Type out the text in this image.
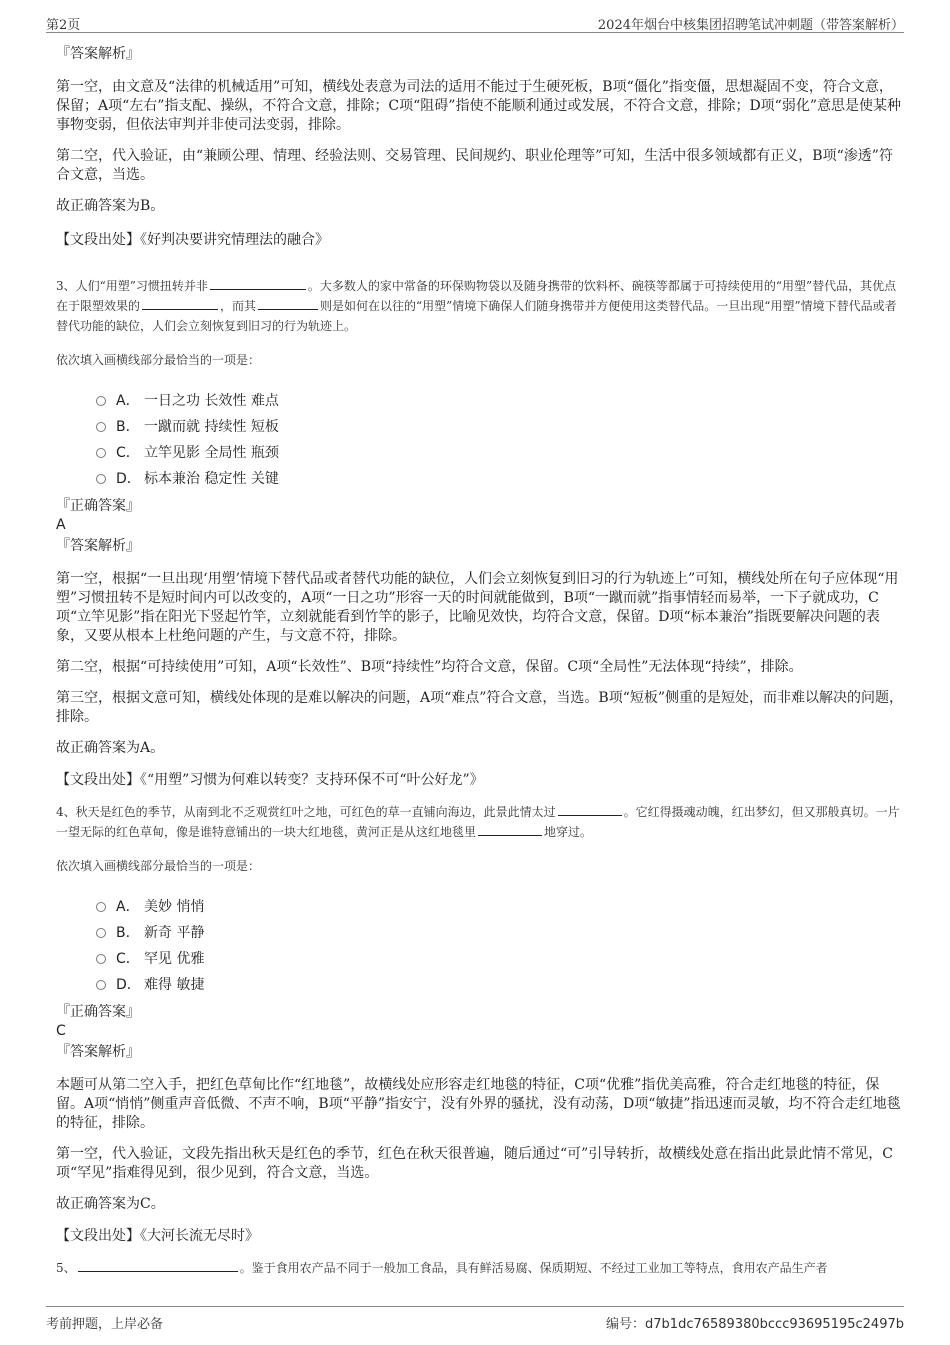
第2页	2024年烟台中核集团招聘笔试冲刺题（带答案解析）

『答案解析』

第一空，由文意及“法律的机械适用”可知，横线处表意为司法的适用不能过于生硬死板，B项“僵化”指变僵，思想凝固不变，符合文意，保留；A项“左右”指支配、操纵，不符合文意，排除；C项“阻碍”指使不能顺利通过或发展，不符合文意，排除；D项“弱化”意思是使某种事物变弱，但依法审判并非使司法变弱，排除。

第二空，代入验证，由“兼顾公理、情理、经验法则、交易管理、民间规约、职业伦理等”可知，生活中很多领域都有正义，B项“渗透”符合文意，当选。

故正确答案为B。

【文段出处】《好判决要讲究情理法的融合》

3、人们“用塑”习惯扭转并非	。大多数人的家中常备的环保购物袋以及随身携带的饮料杯、碗筷等都属于可持续使用的“用塑”替代品，其优点在于限塑效果的	，而其	则是如何在以往的“用塑”情境下确保人们随身携带并方便使用这类替代品。一旦出现“用塑”情境下替代品或者替代功能的缺位，人们会立刻恢复到旧习的行为轨迹上。

依次填入画横线部分最恰当的一项是：

A． 一日之功 长效性 难点
B． 一蹴而就 持续性 短板
C． 立竿见影 全局性 瓶颈
D． 标本兼治 稳定性 关键

『正确答案』

A

『答案解析』

第一空，根据“一旦出现‘用塑’情境下替代品或者替代功能的缺位，人们会立刻恢复到旧习的行为轨迹上”可知，横线处所在句子应体现“用塑”习惯扭转不是短时间内可以改变的，A项“一日之功”形容一天的时间就能做到，B项“一蹴而就”指事情轻而易举，一下子就成功，C项“立竿见影”指在阳光下竖起竹竿，立刻就能看到竹竿的影子，比喻见效快，均符合文意，保留。D项“标本兼治”指既要解决问题的表象，又要从根本上杜绝问题的产生，与文意不符，排除。

第二空，根据“可持续使用”可知，A项“长效性”、B项“持续性”均符合文意，保留。C项“全局性”无法体现“持续”，排除。

第三空，根据文意可知，横线处体现的是难以解决的问题，A项“难点”符合文意，当选。B项“短板”侧重的是短处，而非难以解决的问题，排除。

故正确答案为A。

【文段出处】《“用塑”习惯为何难以转变？支持环保不可“叶公好龙”》

4、秋天是红色的季节，从南到北不乏观赏红叶之地，可红色的草一直铺向海边，此景此情太过	。它红得摄魂动魄，红出梦幻，但又那般真切。一片一望无际的红色草甸，像是谁特意铺出的一块大红地毯，黄河正是从这红地毯里	地穿过。

依次填入画横线部分最恰当的一项是：

A． 美妙 悄悄
B． 新奇 平静
C． 罕见 优雅
D． 难得 敏捷

『正确答案』

C

『答案解析』

本题可从第二空入手，把红色草甸比作“红地毯”，故横线处应形容走红地毯的特征，C项“优雅”指优美高雅，符合走红地毯的特征，保留。A项“悄悄”侧重声音低微、不声不响，B项“平静”指安宁，没有外界的骚扰，没有动荡，D项“敏捷”指迅速而灵敏，均不符合走红地毯的特征，排除。

第一空，代入验证，文段先指出秋天是红色的季节，红色在秋天很普遍，随后通过“可”引导转折，故横线处意在指出此景此情不常见，C项“罕见”指难得见到，很少见到，符合文意，当选。

故正确答案为C。

【文段出处】《大河长流无尽时》

5、	。鉴于食用农产品不同于一般加工食品，具有鲜活易腐、保质期短、不经过工业加工等特点，食用农产品生产者

考前押题，上岸必备	编号：d7b1dc76589380bccc93695195c2497b
